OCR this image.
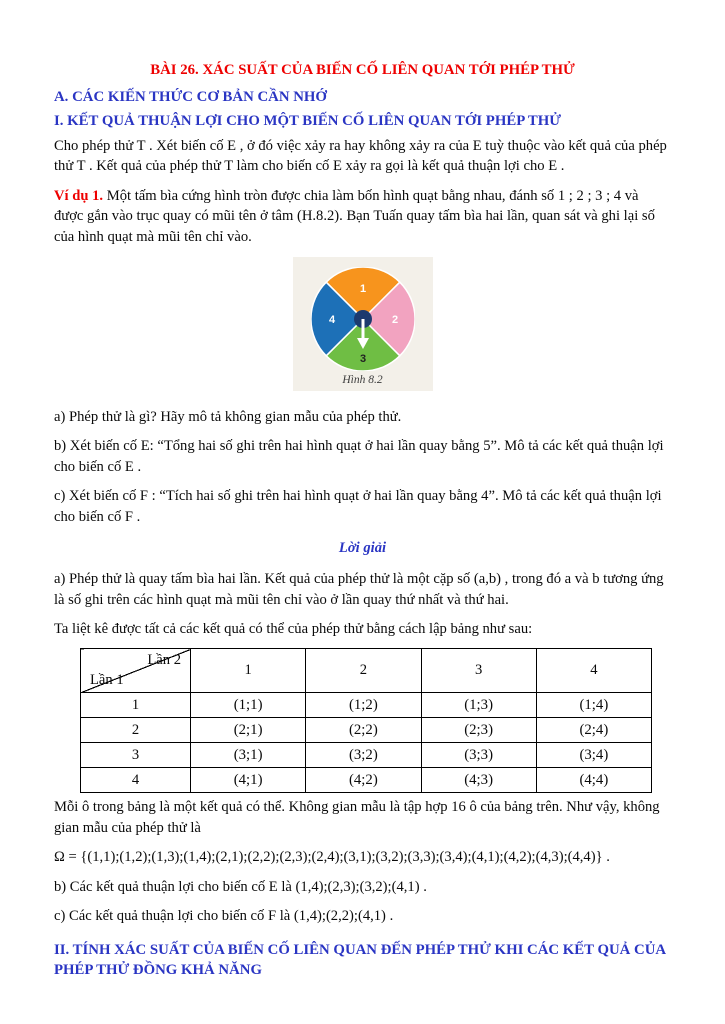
BÀI 26. XÁC SUẤT CỦA BIẾN CỐ LIÊN QUAN TỚI PHÉP THỬ
A. CÁC KIẾN THỨC CƠ BẢN CẦN NHỚ
I. KẾT QUẢ THUẬN LỢI CHO MỘT BIẾN CỐ LIÊN QUAN TỚI PHÉP THỬ

Cho phép thử T . Xét biến cố E , ở đó việc xảy ra hay không xảy ra của E tuỳ thuộc vào kết quả của phép thử T . Kết quả của phép thử T làm cho biến cố E xảy ra gọi là kết quả thuận lợi cho E .

Ví dụ 1. Một tấm bìa cứng hình tròn được chia làm bốn hình quạt bằng nhau, đánh số 1 ; 2 ; 3 ; 4 và được gắn vào trục quay có mũi tên ở tâm (H.8.2). Bạn Tuấn quay tấm bìa hai lần, quan sát và ghi lại số của hình quạt mà mũi tên chỉ vào.

1
2
3
4
Hình 8.2

a) Phép thử là gì? Hãy mô tả không gian mẫu của phép thử.

b) Xét biến cố E: “Tổng hai số ghi trên hai hình quạt ở hai lần quay bằng 5”. Mô tả các kết quả thuận lợi cho biến cố E .

c) Xét biến cố F : “Tích hai số ghi trên hai hình quạt ở hai lần quay bằng 4”. Mô tả các kết quả thuận lợi cho biến cố F .

Lời giải

a) Phép thử là quay tấm bìa hai lần. Kết quả của phép thử là một cặp số (a,b) , trong đó a và b tương ứng là số ghi trên các hình quạt mà mũi tên chỉ vào ở lần quay thứ nhất và thứ hai.

Ta liệt kê được tất cả các kết quả có thể của phép thử bằng cách lập bảng như sau:

Lần 2
Lần 1	1	2	3	4
1	(1;1)	(1;2)	(1;3)	(1;4)
2	(2;1)	(2;2)	(2;3)	(2;4)
3	(3;1)	(3;2)	(3;3)	(3;4)
4	(4;1)	(4;2)	(4;3)	(4;4)

Mỗi ô trong bảng là một kết quả có thể. Không gian mẫu là tập hợp 16 ô của bảng trên. Như vậy, không gian mẫu của phép thử là

Ω = {(1,1);(1,2);(1,3);(1,4);(2,1);(2,2);(2,3);(2,4);(3,1);(3,2);(3,3);(3,4);(4,1);(4,2);(4,3);(4,4)} .

b) Các kết quả thuận lợi cho biến cố E là (1,4);(2,3);(3,2);(4,1) .

c) Các kết quả thuận lợi cho biến cố F là (1,4);(2,2);(4,1) .

II. TÍNH XÁC SUẤT CỦA BIẾN CỐ LIÊN QUAN ĐẾN PHÉP THỬ KHI CÁC KẾT QUẢ CỦA PHÉP THỬ ĐỒNG KHẢ NĂNG
